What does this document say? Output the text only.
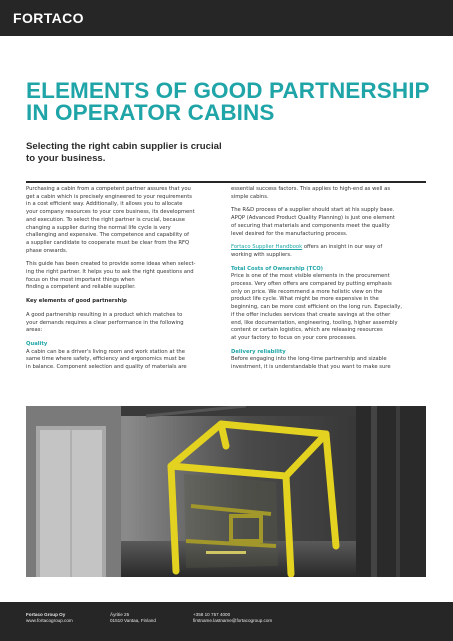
FORTACO
ELEMENTS OF GOOD PARTNERSHIP
IN OPERATOR CABINS
Selecting the right cabin supplier is crucial
to your business.

Purchasing a cabin from a competent partner assures that you
get a cabin which is precisely engineered to your requirements
in a cost efficient way. Additionally, it allows you to allocate
your company resources to your core business, its development
and execution. To select the right partner is crucial, because
changing a supplier during the normal life cycle is very
challenging and expensive. The competence and capability of
a supplier candidate to cooperate must be clear from the RFQ
phase onwards.

This guide has been created to provide some ideas when select-
ing the right partner. It helps you to ask the right questions and
focus on the most important things when
finding a competent and reliable supplier.

Key elements of good partnership

A good partnership resulting in a product which matches to
your demands requires a clear performance in the following
areas:

Quality
A cabin can be a driver's living room and work station at the
same time where safety, efficiency and ergonomics must be
in balance. Component selection and quality of materials are

essential success factors. This applies to high-end as well as
simple cabins.

The R&D process of a supplier should start at his supply base.
APQP (Advanced Product Quality Planning) is just one element
of securing that materials and components meet the quality
level desired for the manufacturing process.

Fortaco Supplier Handbook offers an insight in our way of
working with suppliers.

Total Costs of Ownership (TCO)
Price is one of the most visible elements in the procurement
process. Very often offers are compared by putting emphasis
only on price. We recommend a more holistic view on the
product life cycle. What might be more expensive in the
beginning, can be more cost efficient on the long run. Especially,
if the offer includes services that create savings at the other
end, like documentation, engineering, tooling, higher assembly
content or certain logistics, which are releasing resources
at your factory to focus on your core processes.
Delivery reliability
Before engaging into the long-time partnership and sizable
investment, it is understandable that you want to make sure
Fortaco Group Oy
www.fortacogroup.com
Äyritie 25
01510 Vantaa, Finland
+358 10 757 4000
firstname.lastname@fortacogroup.com
